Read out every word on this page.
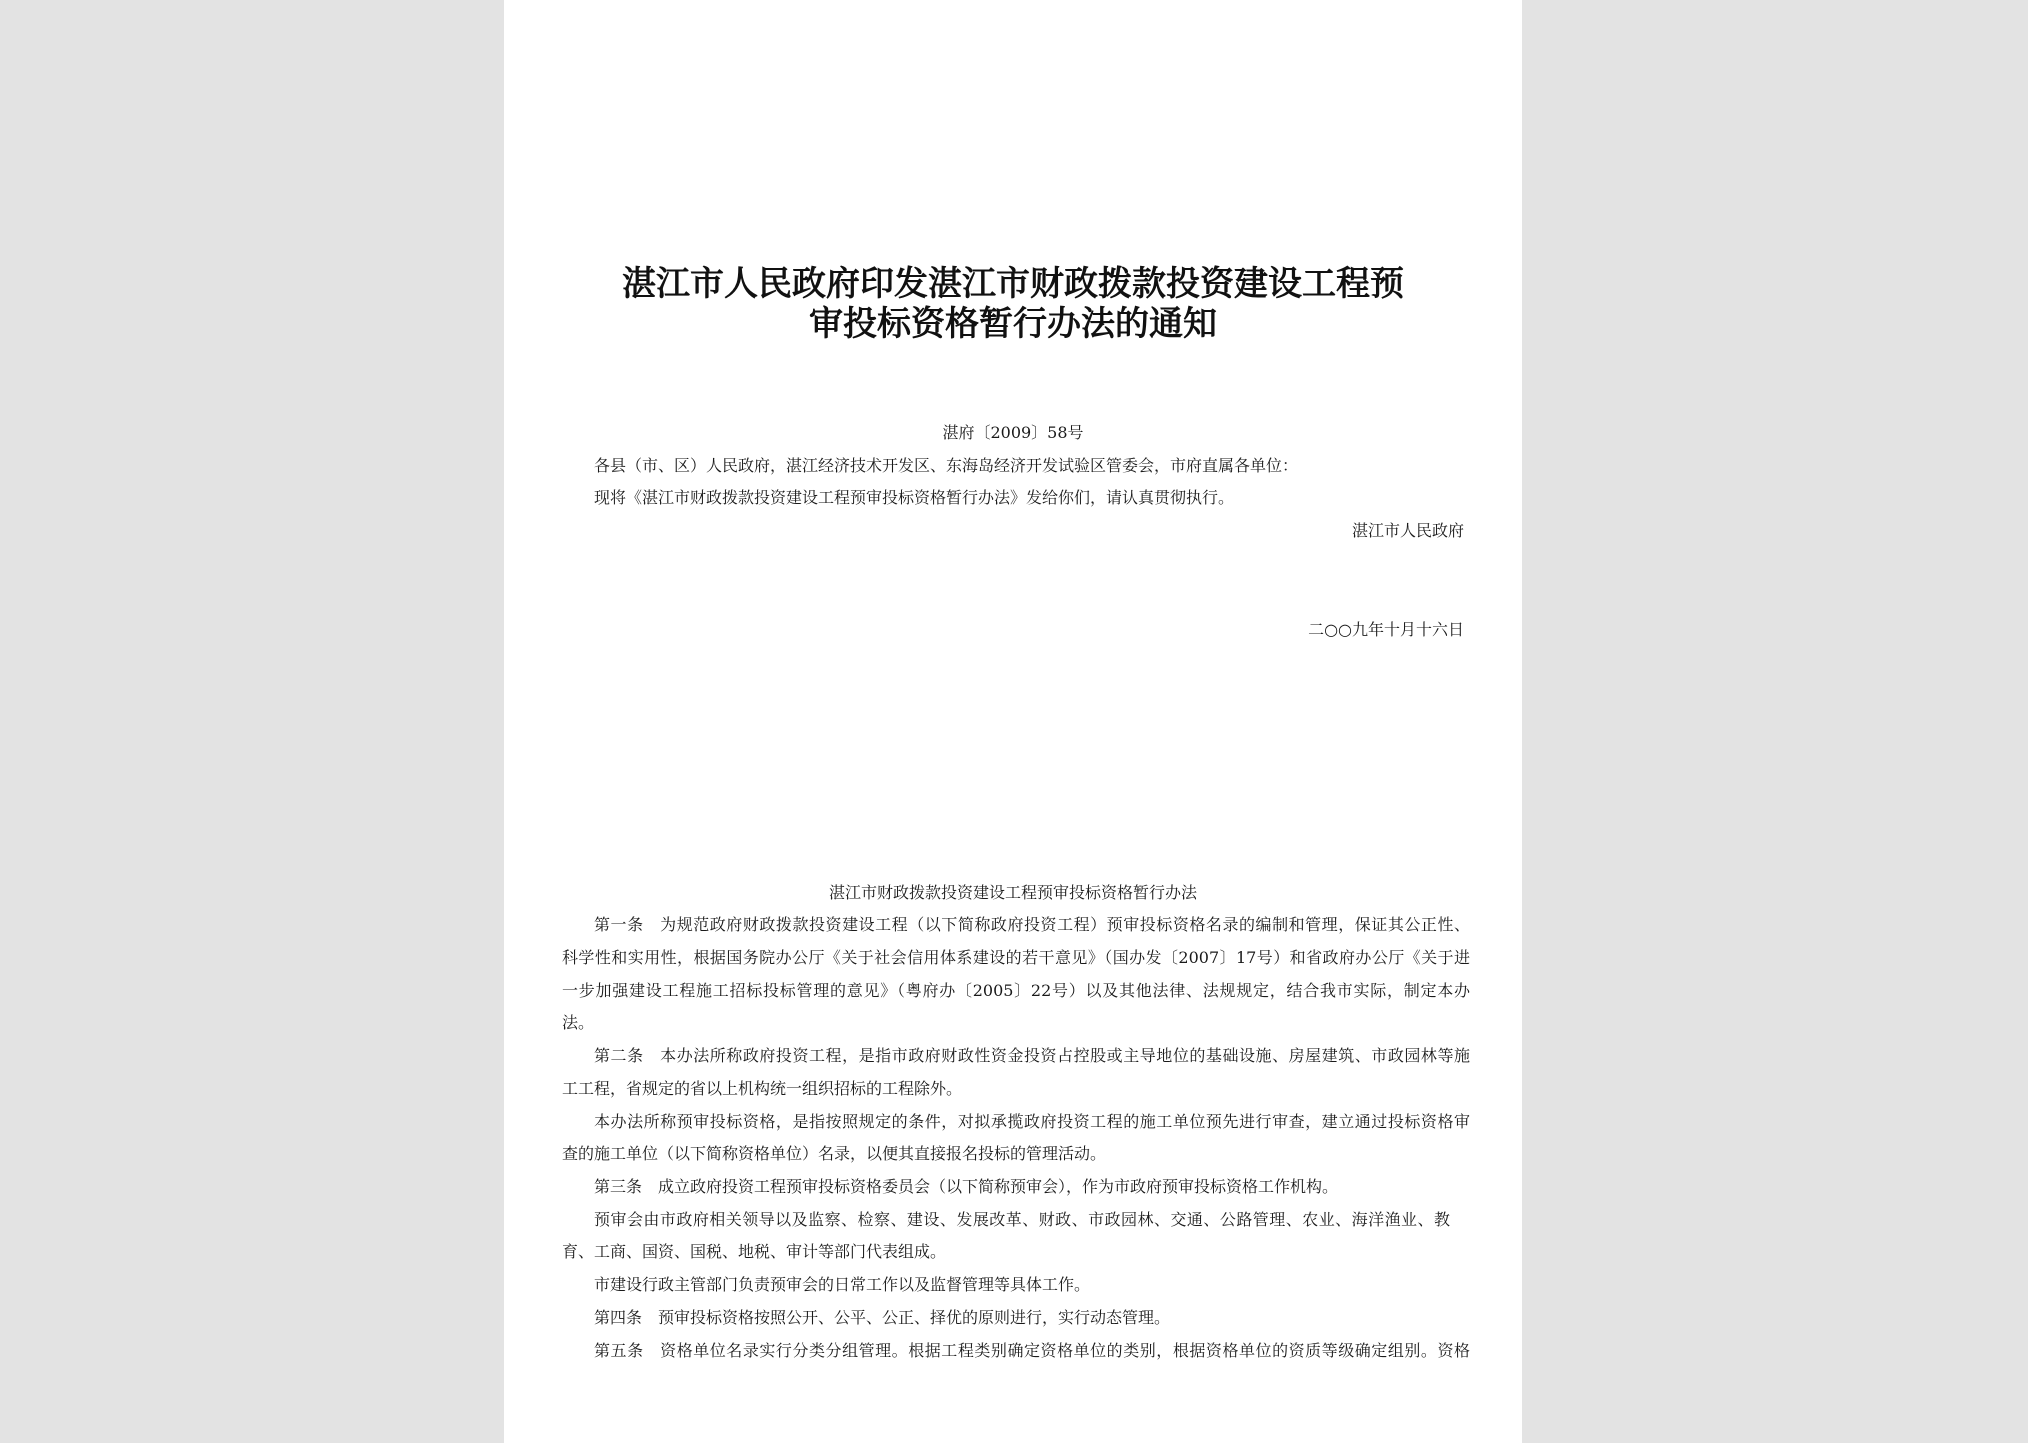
湛江市人民政府印发湛江市财政拨款投资建设工程预
审投标资格暂行办法的通知
湛府〔2009〕58号
各县（市、区）人民政府，湛江经济技术开发区、东海岛经济开发试验区管委会，市府直属各单位：
现将《湛江市财政拨款投资建设工程预审投标资格暂行办法》发给你们，请认真贯彻执行。
湛江市人民政府
二○○九年十月十六日
湛江市财政拨款投资建设工程预审投标资格暂行办法
第一条　为规范政府财政拨款投资建设工程（以下简称政府投资工程）预审投标资格名录的编制和管理，保证其公正性、
科学性和实用性，根据国务院办公厅《关于社会信用体系建设的若干意见》（国办发〔2007〕17号）和省政府办公厅《关于进
一步加强建设工程施工招标投标管理的意见》（粤府办〔2005〕22号）以及其他法律、法规规定，结合我市实际，制定本办
法。
第二条　本办法所称政府投资工程，是指市政府财政性资金投资占控股或主导地位的基础设施、房屋建筑、市政园林等施
工工程，省规定的省以上机构统一组织招标的工程除外。
本办法所称预审投标资格，是指按照规定的条件，对拟承揽政府投资工程的施工单位预先进行审查，建立通过投标资格审
查的施工单位（以下简称资格单位）名录，以便其直接报名投标的管理活动。
第三条　成立政府投资工程预审投标资格委员会（以下简称预审会），作为市政府预审投标资格工作机构。
预审会由市政府相关领导以及监察、检察、建设、发展改革、财政、市政园林、交通、公路管理、农业、海洋渔业、教
育、工商、国资、国税、地税、审计等部门代表组成。
市建设行政主管部门负责预审会的日常工作以及监督管理等具体工作。
第四条　预审投标资格按照公开、公平、公正、择优的原则进行，实行动态管理。
第五条　资格单位名录实行分类分组管理。根据工程类别确定资格单位的类别，根据资格单位的资质等级确定组别。资格
